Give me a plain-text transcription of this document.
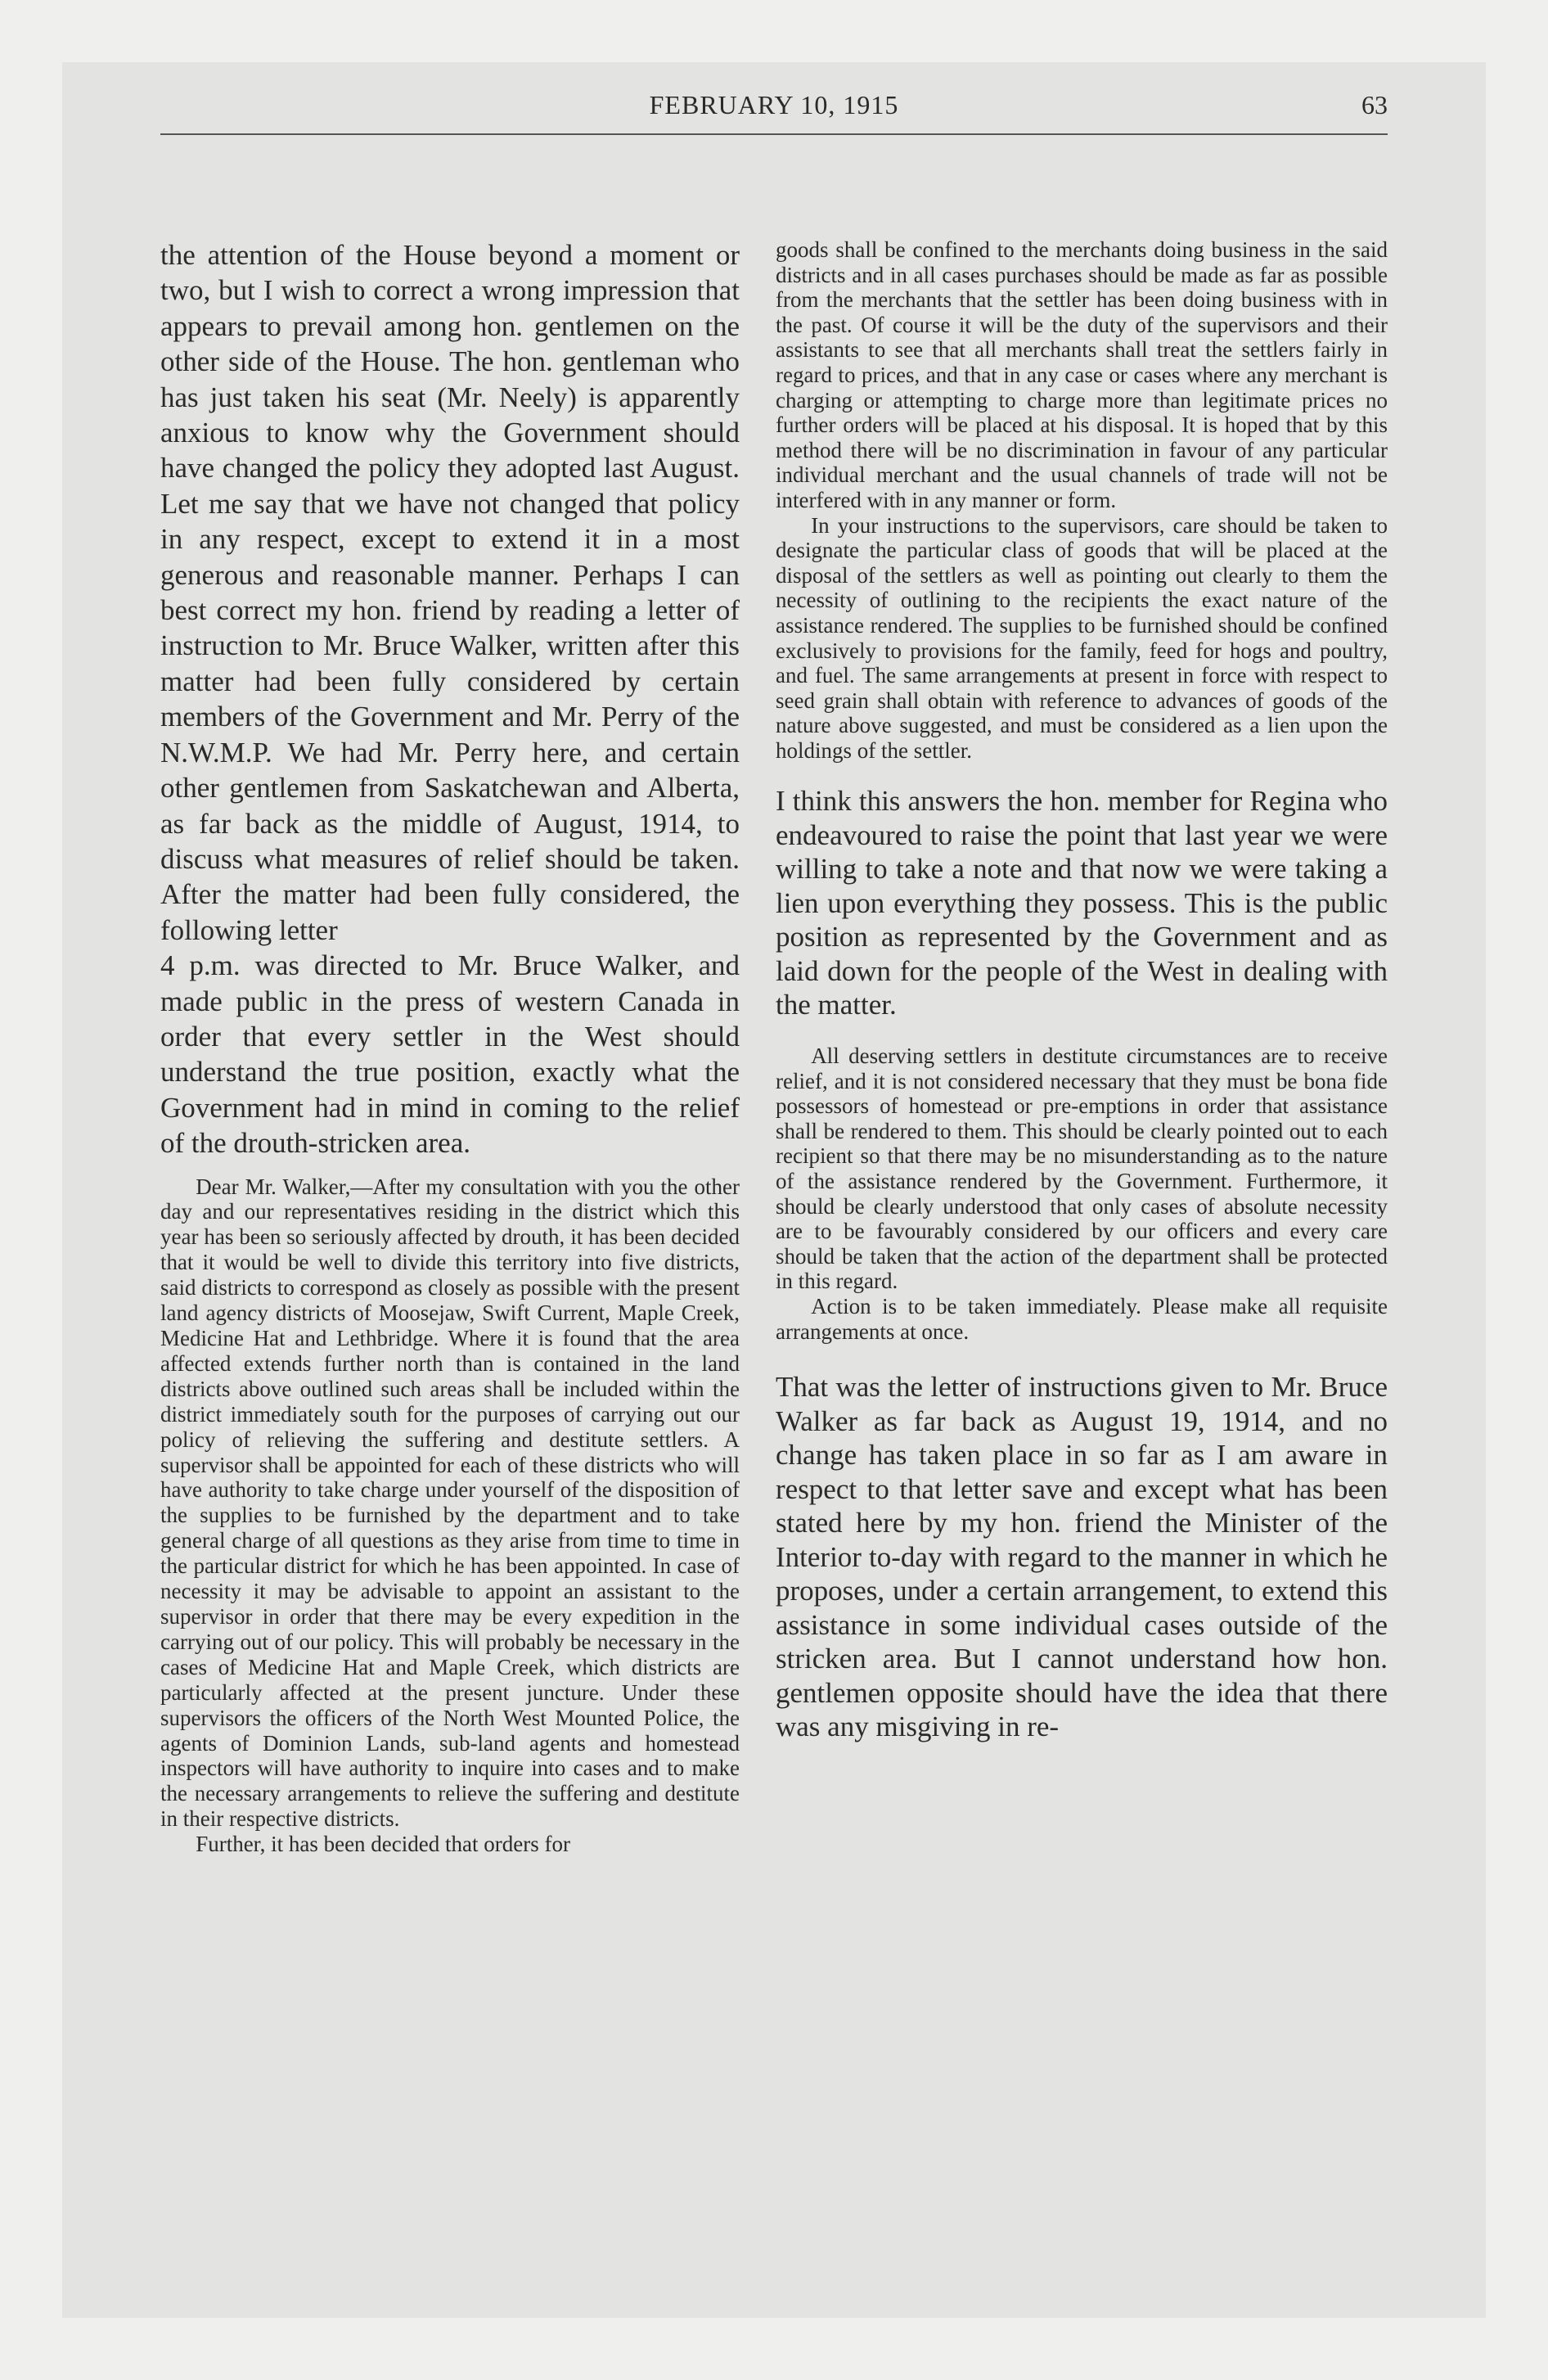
FEBRUARY 10, 1915	63

the attention of the House beyond a moment or two, but I wish to correct a wrong impression that appears to prevail among hon. gentlemen on the other side of the House. The hon. gentleman who has just taken his seat (Mr. Neely) is apparently anxious to know why the Government should have changed the policy they adopted last August. Let me say that we have not changed that policy in any respect, except to extend it in a most generous and reasonable manner. Perhaps I can best correct my hon. friend by reading a letter of instruction to Mr. Bruce Walker, written after this matter had been fully considered by certain members of the Government and Mr. Perry of the N.W.M.P. We had Mr. Perry here, and certain other gentlemen from Saskatchewan and Alberta, as far back as the middle of August, 1914, to discuss what measures of relief should be taken. After the matter had been fully considered, the following letter

4 p.m. was directed to Mr. Bruce Walker, and made public in the press of western Canada in order that every settler in the West should understand the true position, exactly what the Government had in mind in coming to the relief of the drouth-stricken area.

Dear Mr. Walker,—After my consultation with you the other day and our representatives residing in the district which this year has been so seriously affected by drouth, it has been decided that it would be well to divide this territory into five districts, said districts to correspond as closely as possible with the present land agency districts of Moosejaw, Swift Current, Maple Creek, Medicine Hat and Lethbridge. Where it is found that the area affected extends further north than is contained in the land districts above outlined such areas shall be included within the district immediately south for the purposes of carrying out our policy of relieving the suffering and destitute settlers. A supervisor shall be appointed for each of these districts who will have authority to take charge under yourself of the disposition of the supplies to be furnished by the department and to take general charge of all questions as they arise from time to time in the particular district for which he has been appointed. In case of necessity it may be advisable to appoint an assistant to the supervisor in order that there may be every expedition in the carrying out of our policy. This will probably be necessary in the cases of Medicine Hat and Maple Creek, which districts are particularly affected at the present juncture. Under these supervisors the officers of the North West Mounted Police, the agents of Dominion Lands, sub-land agents and homestead inspectors will have authority to inquire into cases and to make the necessary arrangements to relieve the suffering and destitute in their respective districts.

Further, it has been decided that orders for

goods shall be confined to the merchants doing business in the said districts and in all cases purchases should be made as far as possible from the merchants that the settler has been doing business with in the past. Of course it will be the duty of the supervisors and their assistants to see that all merchants shall treat the settlers fairly in regard to prices, and that in any case or cases where any merchant is charging or attempting to charge more than legitimate prices no further orders will be placed at his disposal. It is hoped that by this method there will be no discrimination in favour of any particular individual merchant and the usual channels of trade will not be interfered with in any manner or form.

In your instructions to the supervisors, care should be taken to designate the particular class of goods that will be placed at the disposal of the settlers as well as pointing out clearly to them the necessity of outlining to the recipients the exact nature of the assistance rendered. The supplies to be furnished should be confined exclusively to provisions for the family, feed for hogs and poultry, and fuel. The same arrangements at present in force with respect to seed grain shall obtain with reference to advances of goods of the nature above suggested, and must be considered as a lien upon the holdings of the settler.

I think this answers the hon. member for Regina who endeavoured to raise the point that last year we were willing to take a note and that now we were taking a lien upon everything they possess. This is the public position as represented by the Government and as laid down for the people of the West in dealing with the matter.

All deserving settlers in destitute circumstances are to receive relief, and it is not considered necessary that they must be bona fide possessors of homestead or pre-emptions in order that assistance shall be rendered to them. This should be clearly pointed out to each recipient so that there may be no misunderstanding as to the nature of the assistance rendered by the Government. Furthermore, it should be clearly understood that only cases of absolute necessity are to be favourably considered by our officers and every care should be taken that the action of the department shall be protected in this regard.

Action is to be taken immediately. Please make all requisite arrangements at once.

That was the letter of instructions given to Mr. Bruce Walker as far back as August 19, 1914, and no change has taken place in so far as I am aware in respect to that letter save and except what has been stated here by my hon. friend the Minister of the Interior to-day with regard to the manner in which he proposes, under a certain arrangement, to extend this assistance in some individual cases outside of the stricken area. But I cannot understand how hon. gentlemen opposite should have the idea that there was any misgiving in re-
